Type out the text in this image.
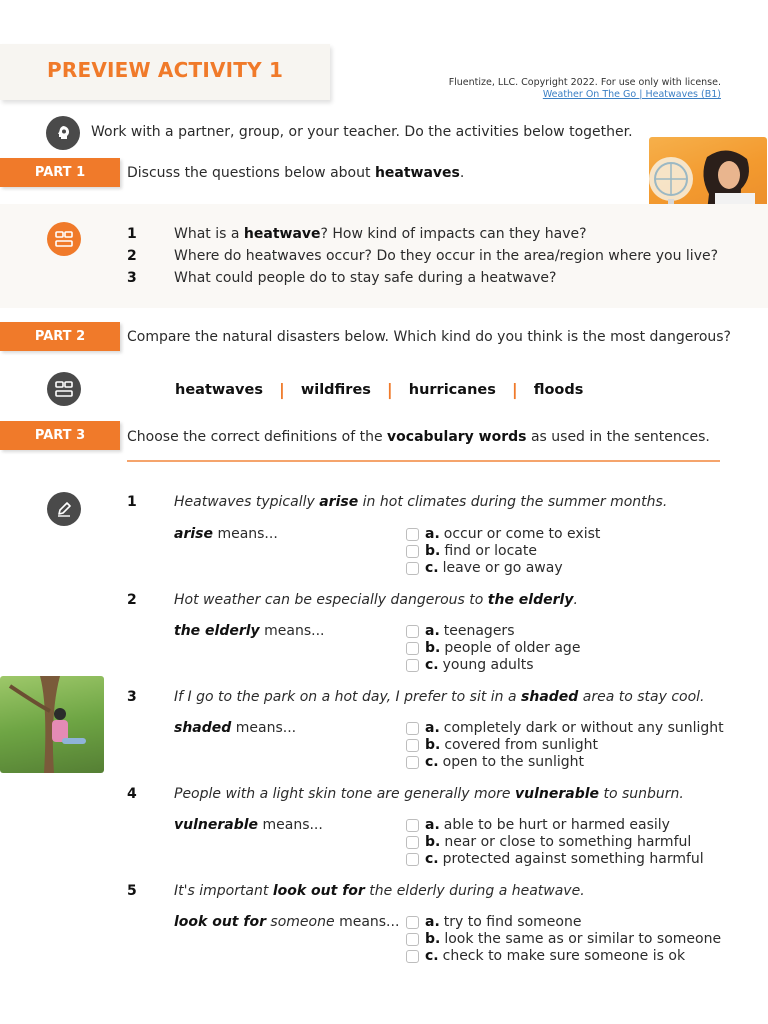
PREVIEW ACTIVITY 1
Fluentize, LLC. Copyright 2022. For use only with license.
Weather On The Go | Heatwaves (B1)
Work with a partner, group, or your teacher. Do the activities below together.
PART 1	Discuss the questions below about heatwaves.
1	What is a heatwave? How kind of impacts can they have?
2	Where do heatwaves occur? Do they occur in the area/region where you live?
3	What could people do to stay safe during a heatwave?
PART 2	Compare the natural disasters below. Which kind do you think is the most dangerous?
heatwaves | wildfires | hurricanes | floods
PART 3	Choose the correct definitions of the vocabulary words as used in the sentences.
1	Heatwaves typically arise in hot climates during the summer months.
arise means...	a. occur or come to exist
b. find or locate
c. leave or go away
2	Hot weather can be especially dangerous to the elderly.
the elderly means...	a. teenagers
b. people of older age
c. young adults
3	If I go to the park on a hot day, I prefer to sit in a shaded area to stay cool.
shaded means...	a. completely dark or without any sunlight
b. covered from sunlight
c. open to the sunlight
4	People with a light skin tone are generally more vulnerable to sunburn.
vulnerable means...	a. able to be hurt or harmed easily
b. near or close to something harmful
c. protected against something harmful
5	It's important look out for the elderly during a heatwave.
look out for someone means... a. try to find someone
b. look the same as or similar to someone
c. check to make sure someone is ok
